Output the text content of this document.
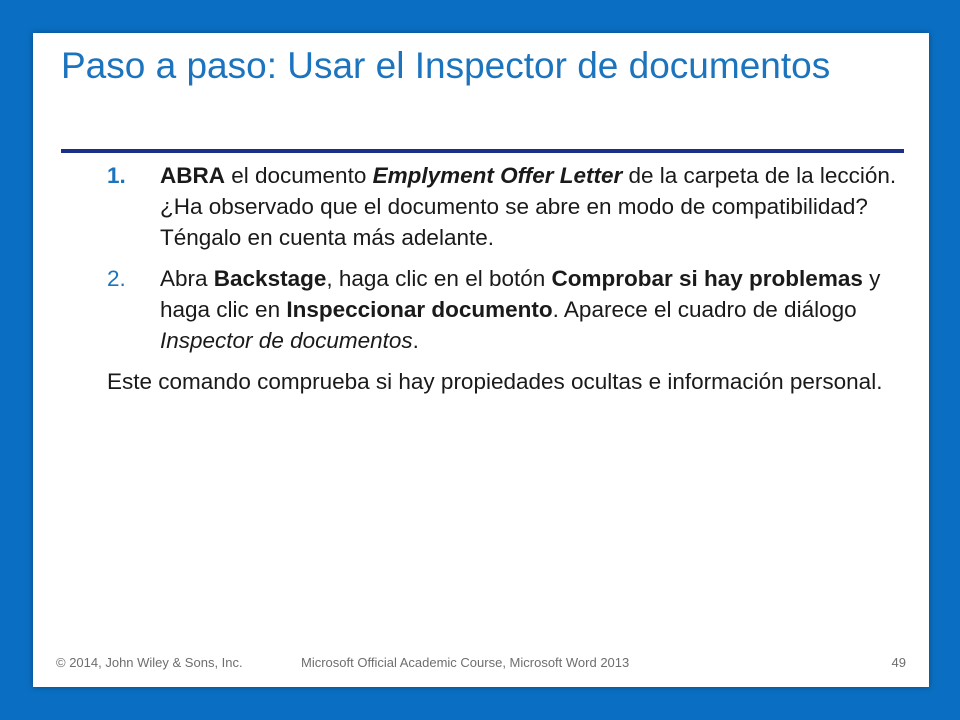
Paso a paso: Usar el Inspector de documentos
1. ABRA el documento Emplyment Offer Letter de la carpeta de la lección. ¿Ha observado que el documento se abre en modo de compatibilidad? Téngalo en cuenta más adelante.
2. Abra Backstage, haga clic en el botón Comprobar si hay problemas y haga clic en Inspeccionar documento. Aparece el cuadro de diálogo Inspector de documentos.
Este comando comprueba si hay propiedades ocultas e información personal.
© 2014, John Wiley & Sons, Inc.	Microsoft Official Academic Course, Microsoft Word 2013	49
